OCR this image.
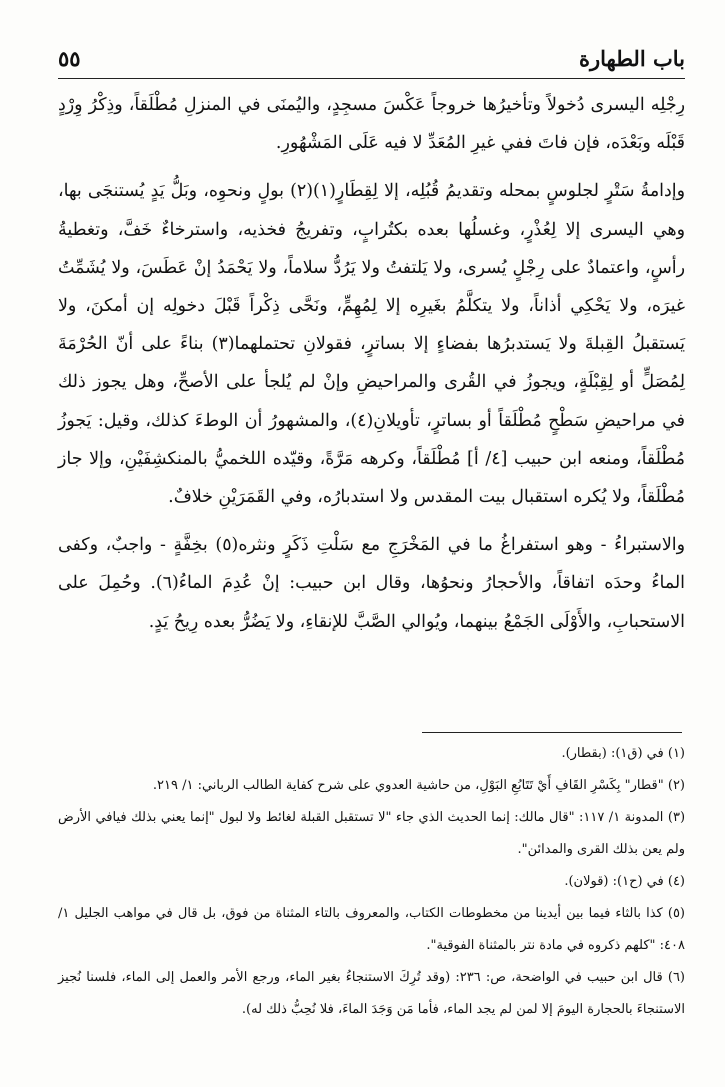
باب الطهارة
٥٥

رِجْلِه اليسرى دُخولاً وتأخيرُها خروجاً عَكْسَ مسجِدٍ، واليُمنَى في المنزلِ مُطْلَقاً، وذِكْرُ وِرْدٍ قَبْلَه وبَعْدَه، فإن فاتَ ففي غيرِ المُعَدِّ لا فيه عَلَى المَشْهُورِ.

وإدامةُ سَتْرٍ لجلوسٍ بمحله وتقديمُ قُبُلِه، إلا لِقِطَارٍ(١)(٢) بولٍ ونحوِه، وبَلُّ يَدٍ يُستنجَى بها، وهي اليسرى إلا لِعُذْرٍ، وغسلُها بعده بكتُرابٍ، وتفريجُ فخذيه، واسترخاءٌ خَفَّ، وتغطيةُ رأسٍ، واعتمادٌ على رِجْلٍ يُسرى، ولا يَلتفتُ ولا يَرُدُّ سلاماً، ولا يَحْمَدُ إنْ عَطَسَ، ولا يُشَمِّتُ غيرَه، ولا يَحْكِي أذاناً، ولا يتكلَّمُ بغَيرِه إلا لِمُهِمٍّ، ونَحَّى ذِكْراً قَبْلَ دخولِه إن أمكنَ، ولا يَستقبلُ القِبلةَ ولا يَستدبرُها بفضاءٍ إلا بساترٍ، فقولانِ تحتملهما(٣) بناءً على أنّ الحُرْمَةَ لِمُصَلٍّ أو لِقِبْلَةٍ، ويجوزُ في القُرى والمراحيضِ وإنْ لم يُلجأ على الأصحِّ، وهل يجوز ذلك في مراحيضِ سَطْحٍ مُطْلَقاً أو بساترٍ، تأويلانِ(٤)، والمشهورُ أن الوطءَ كذلك، وقيل: يَجوزُ مُطْلَقاً، ومنعه ابن حبيب [٤/ أ] مُطْلَقاً، وكرهه مَرَّةً، وقيّده اللخميُّ بالمنكشِفَيْنِ، وإلا جاز مُطْلَقاً، ولا يُكره استقبال بيت المقدس ولا استدبارُه، وفي القَمَرَيْنِ خلافٌ.

والاستبراءُ - وهو استفراغُ ما في المَخْرَجِ مع سَلْتِ ذَكَرٍ ونثره(٥) بخِفَّةٍ - واجبٌ، وكفى الماءُ وحدَه اتفاقاً، والأحجارُ ونحوُها، وقال ابن حبيب: إنْ عُدِمَ الماءُ(٦). وحُمِلَ على الاستحبابِ، والأَوْلَى الجَمْعُ بينهما، ويُوالي الصَّبَّ للإنقاءِ، ولا يَضُرُّ بعده رِيحُ يَدٍ.

(١) في (ق١): (بقطار).

(٢) "قطار" بِكَسْرِ القَافِ أَيْ تَتَابُعِ البَوْلِ، من حاشية العدوي على شرح كفاية الطالب الرباني: ١/ ٢١٩.

(٣) المدونة ١/ ١١٧: "قال مالك: إنما الحديث الذي جاء "لا تستقبل القبلة لغائط ولا لبول "إنما يعني بذلك فيافي الأرض ولم يعن بذلك القرى والمدائن".

(٤) في (ح١): (قولان).

(٥) كذا بالثاء فيما بين أيدينا من مخطوطات الكتاب، والمعروف بالتاء المثناة من فوق، بل قال في مواهب الجليل ١/ ٤٠٨: "كلهم ذكروه في مادة نتر بالمثناة الفوقية".

(٦) قال ابن حبيب في الواضحة، ص: ٢٣٦: (وقد تُرِكَ الاستنجاءُ بغير الماء، ورجع الأمر والعمل إلى الماء، فلسنا نُجيز الاستنجاءَ بالحجارة اليومَ إلا لمن لم يجد الماء، فأما مَن وَجَدَ الماءَ، فلا نُحِبُّ ذلك له).
